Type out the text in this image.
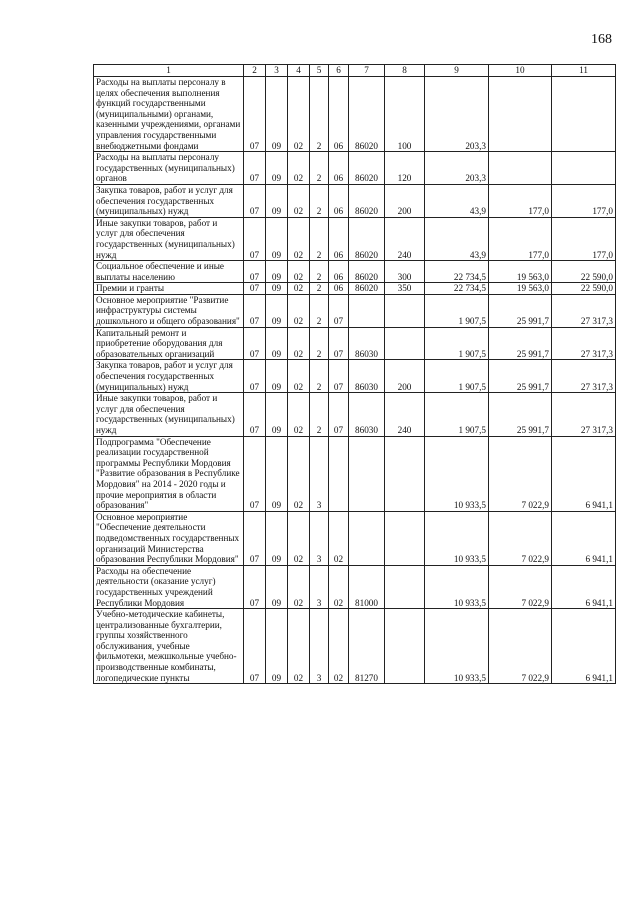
168
1	2	3	4	5	6	7	8	9	10	11
Расходы на выплаты персоналу в целях обеспечения выполнения функций государственными (муниципальными) органами, казенными учреждениями, органами управления государственными внебюджетными фондами	07	09	02	2	06	86020	100	203,3		
Расходы на выплаты персоналу государственных (муниципальных) органов	07	09	02	2	06	86020	120	203,3		
Закупка товаров, работ и услуг для обеспечения государственных (муниципальных) нужд	07	09	02	2	06	86020	200	43,9	177,0	177,0
Иные закупки товаров, работ и услуг для обеспечения государственных (муниципальных) нужд	07	09	02	2	06	86020	240	43,9	177,0	177,0
Социальное обеспечение и иные выплаты населению	07	09	02	2	06	86020	300	22 734,5	19 563,0	22 590,0
Премии и гранты	07	09	02	2	06	86020	350	22 734,5	19 563,0	22 590,0
Основное мероприятие "Развитие инфраструктуры системы дошкольного и общего образования"	07	09	02	2	07			1 907,5	25 991,7	27 317,3
Капитальный ремонт и приобретение оборудования для образовательных организаций	07	09	02	2	07	86030		1 907,5	25 991,7	27 317,3
Закупка товаров, работ и услуг для обеспечения государственных (муниципальных) нужд	07	09	02	2	07	86030	200	1 907,5	25 991,7	27 317,3
Иные закупки товаров, работ и услуг для обеспечения государственных (муниципальных) нужд	07	09	02	2	07	86030	240	1 907,5	25 991,7	27 317,3
Подпрограмма "Обеспечение реализации государственной программы Республики Мордовия "Развитие образования в Республике Мордовия" на 2014 - 2020 годы и прочие мероприятия в области образования"	07	09	02	3				10 933,5	7 022,9	6 941,1
Основное мероприятие "Обеспечение деятельности подведомственных государственных организаций Министерства образования Республики Мордовия"	07	09	02	3	02			10 933,5	7 022,9	6 941,1
Расходы на обеспечение деятельности (оказание услуг) государственных учреждений Республики Мордовия	07	09	02	3	02	81000		10 933,5	7 022,9	6 941,1
Учебно-методические кабинеты, централизованные бухгалтерии, группы хозяйственного обслуживания, учебные фильмотеки, межшкольные учебно-производственные комбинаты, логопедические пункты	07	09	02	3	02	81270		10 933,5	7 022,9	6 941,1
